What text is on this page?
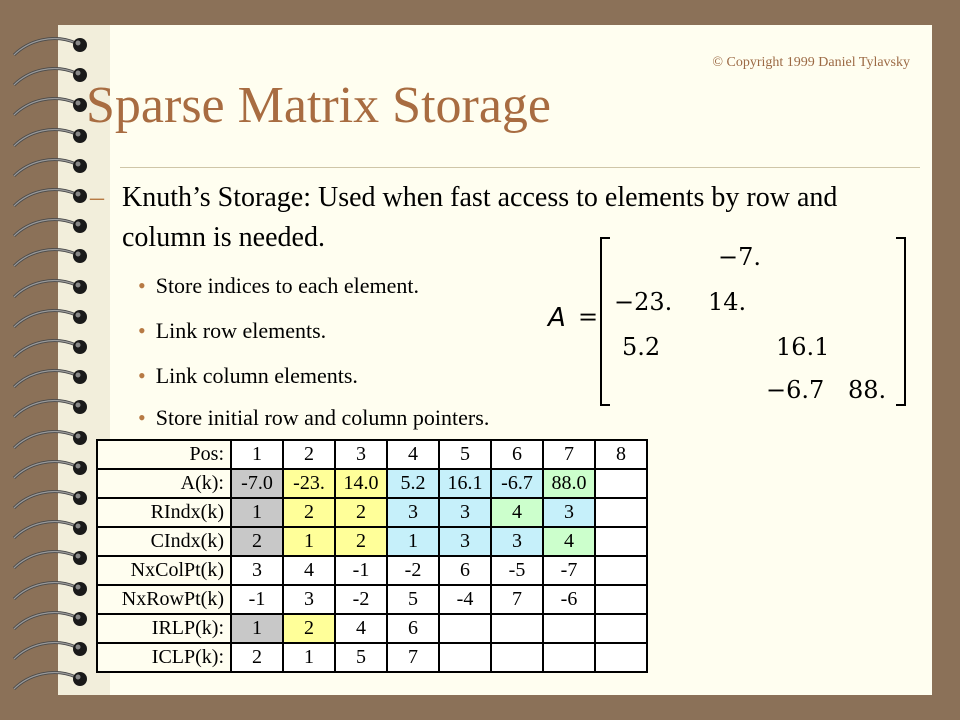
© Copyright 1999 Daniel Tylavsky
Sparse Matrix Storage
– Knuth’s Storage: Used when fast access to elements by row and column is needed.
• Store indices to each element.
• Link row elements.
• Link column elements.
• Store initial row and column pointers.
A =
−7.
−23. 14.
5.2	16.1
−6.7 88.
Pos:	1	2	3	4	5	6	7	8
A(k):	-7.0	-23.	14.0	5.2	16.1	-6.7	88.0	
RIndx(k)	1	2	2	3	3	4	3	
CIndx(k)	2	1	2	1	3	3	4	
NxColPt(k)	3	4	-1	-2	6	-5	-7	
NxRowPt(k)	-1	3	-2	5	-4	7	-6	
IRLP(k):	1	2	4	6				
ICLP(k):	2	1	5	7				
